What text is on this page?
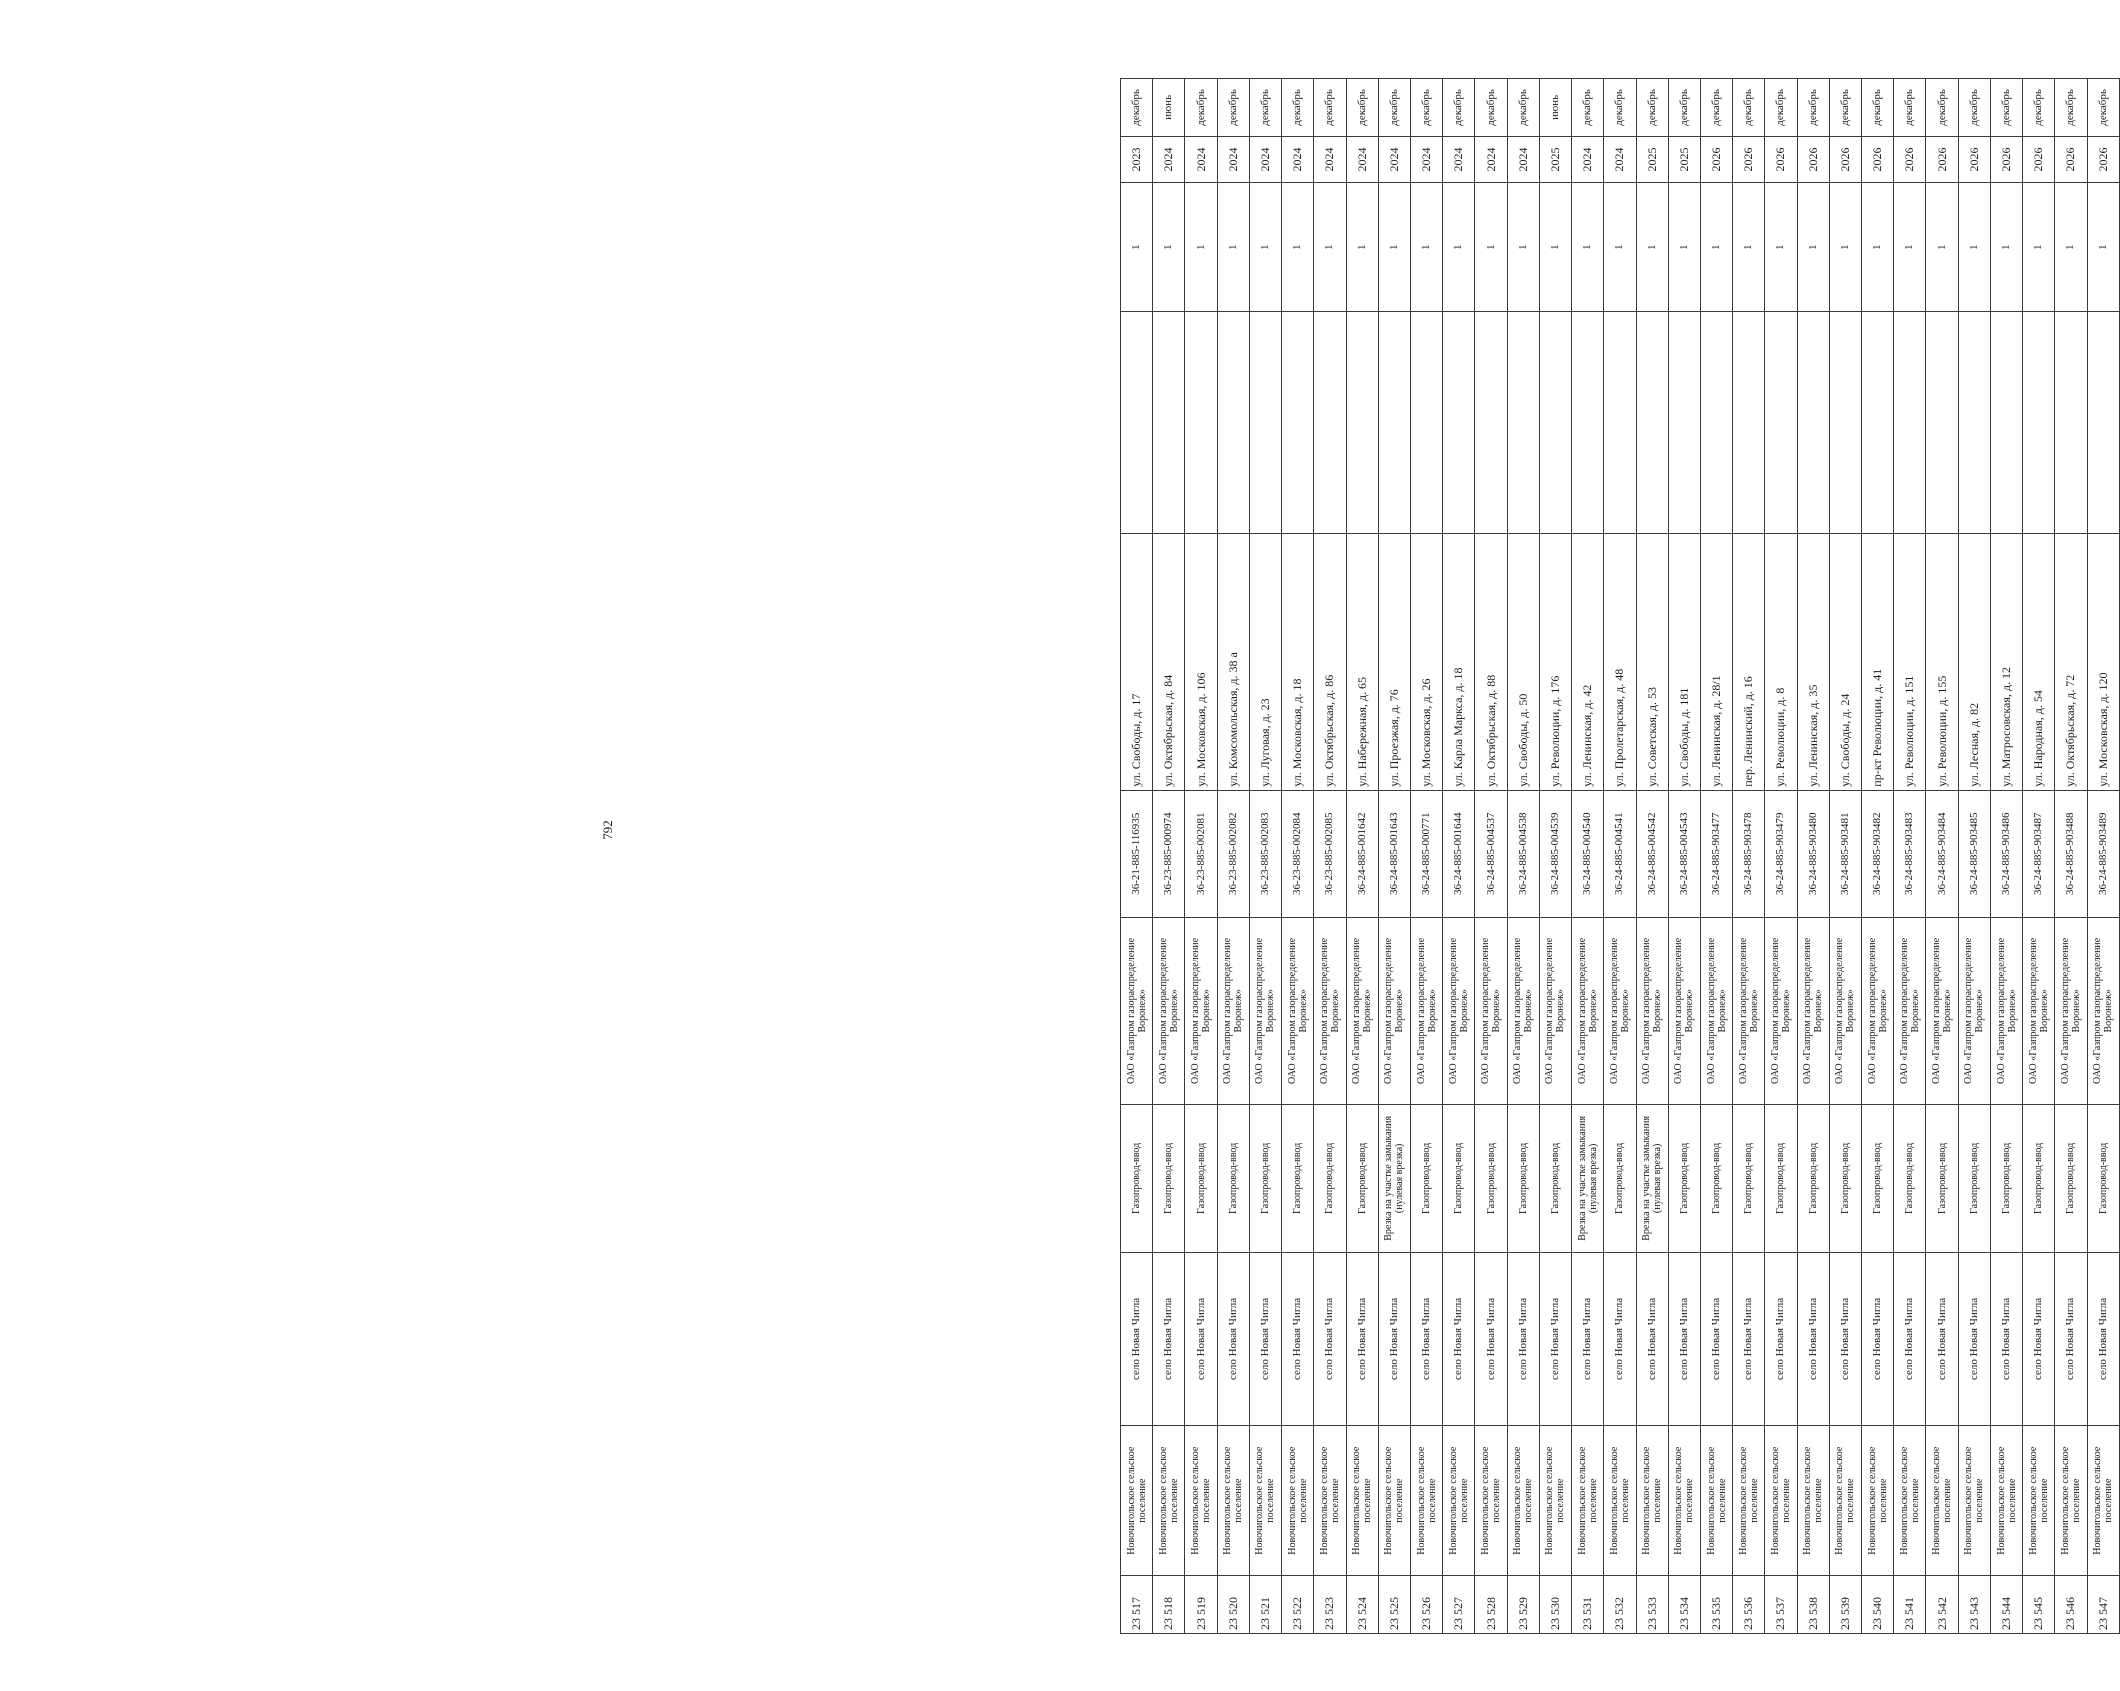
23 517	Новочигольское сельское поселение	село Новая Чигла	Газопровод-ввод	ОАО «Газпром газораспределение Воронеж»	36-21-885-116935	ул. Свободы, д. 17		1	2023	декабрь
23 518	Новочигольское сельское поселение	село Новая Чигла	Газопровод-ввод	ОАО «Газпром газораспределение Воронеж»	36-23-885-000974	ул. Октябрьская, д. 84		1	2024	июнь
23 519	Новочигольское сельское поселение	село Новая Чигла	Газопровод-ввод	ОАО «Газпром газораспределение Воронеж»	36-23-885-002081	ул. Московская, д. 106		1	2024	декабрь
23 520	Новочигольское сельское поселение	село Новая Чигла	Газопровод-ввод	ОАО «Газпром газораспределение Воронеж»	36-23-885-002082	ул. Комсомольская, д. 38 а		1	2024	декабрь
23 521	Новочигольское сельское поселение	село Новая Чигла	Газопровод-ввод	ОАО «Газпром газораспределение Воронеж»	36-23-885-002083	ул. Луговая, д. 23		1	2024	декабрь
23 522	Новочигольское сельское поселение	село Новая Чигла	Газопровод-ввод	ОАО «Газпром газораспределение Воронеж»	36-23-885-002084	ул. Московская, д. 18		1	2024	декабрь
23 523	Новочигольское сельское поселение	село Новая Чигла	Газопровод-ввод	ОАО «Газпром газораспределение Воронеж»	36-23-885-002085	ул. Октябрьская, д. 86		1	2024	декабрь
23 524	Новочигольское сельское поселение	село Новая Чигла	Газопровод-ввод	ОАО «Газпром газораспределение Воронеж»	36-24-885-001642	ул. Набережная, д. 65		1	2024	декабрь
23 525	Новочигольское сельское поселение	село Новая Чигла	Врезка на участке замыкания (нулевая врезка)	ОАО «Газпром газораспределение Воронеж»	36-24-885-001643	ул. Проезжая, д. 76		1	2024	декабрь
23 526	Новочигольское сельское поселение	село Новая Чигла	Газопровод-ввод	ОАО «Газпром газораспределение Воронеж»	36-24-885-000771	ул. Московская, д. 26		1	2024	декабрь
23 527	Новочигольское сельское поселение	село Новая Чигла	Газопровод-ввод	ОАО «Газпром газораспределение Воронеж»	36-24-885-001644	ул. Карла Маркса, д. 18		1	2024	декабрь
23 528	Новочигольское сельское поселение	село Новая Чигла	Газопровод-ввод	ОАО «Газпром газораспределение Воронеж»	36-24-885-004537	ул. Октябрьская, д. 88		1	2024	декабрь
23 529	Новочигольское сельское поселение	село Новая Чигла	Газопровод-ввод	ОАО «Газпром газораспределение Воронеж»	36-24-885-004538	ул. Свободы, д. 50		1	2024	декабрь
23 530	Новочигольское сельское поселение	село Новая Чигла	Газопровод-ввод	ОАО «Газпром газораспределение Воронеж»	36-24-885-004539	ул. Революции, д. 176		1	2025	июнь
23 531	Новочигольское сельское поселение	село Новая Чигла	Врезка на участке замыкания (нулевая врезка)	ОАО «Газпром газораспределение Воронеж»	36-24-885-004540	ул. Ленинская, д. 42		1	2024	декабрь
23 532	Новочигольское сельское поселение	село Новая Чигла	Газопровод-ввод	ОАО «Газпром газораспределение Воронеж»	36-24-885-004541	ул. Пролетарская, д. 48		1	2024	декабрь
23 533	Новочигольское сельское поселение	село Новая Чигла	Врезка на участке замыкания (нулевая врезка)	ОАО «Газпром газораспределение Воронеж»	36-24-885-004542	ул. Советская, д. 53		1	2025	декабрь
23 534	Новочигольское сельское поселение	село Новая Чигла	Газопровод-ввод	ОАО «Газпром газораспределение Воронеж»	36-24-885-004543	ул. Свободы, д. 181		1	2025	декабрь
23 535	Новочигольское сельское поселение	село Новая Чигла	Газопровод-ввод	ОАО «Газпром газораспределение Воронеж»	36-24-885-903477	ул. Ленинская, д. 28/1		1	2026	декабрь
23 536	Новочигольское сельское поселение	село Новая Чигла	Газопровод-ввод	ОАО «Газпром газораспределение Воронеж»	36-24-885-903478	пер. Ленинский, д. 16		1	2026	декабрь
23 537	Новочигольское сельское поселение	село Новая Чигла	Газопровод-ввод	ОАО «Газпром газораспределение Воронеж»	36-24-885-903479	ул. Революции, д. 8		1	2026	декабрь
23 538	Новочигольское сельское поселение	село Новая Чигла	Газопровод-ввод	ОАО «Газпром газораспределение Воронеж»	36-24-885-903480	ул. Ленинская, д. 35		1	2026	декабрь
23 539	Новочигольское сельское поселение	село Новая Чигла	Газопровод-ввод	ОАО «Газпром газораспределение Воронеж»	36-24-885-903481	ул. Свободы, д. 24		1	2026	декабрь
23 540	Новочигольское сельское поселение	село Новая Чигла	Газопровод-ввод	ОАО «Газпром газораспределение Воронеж»	36-24-885-903482	пр-кт Революции, д. 41		1	2026	декабрь
23 541	Новочигольское сельское поселение	село Новая Чигла	Газопровод-ввод	ОАО «Газпром газораспределение Воронеж»	36-24-885-903483	ул. Революции, д. 151		1	2026	декабрь
23 542	Новочигольское сельское поселение	село Новая Чигла	Газопровод-ввод	ОАО «Газпром газораспределение Воронеж»	36-24-885-903484	ул. Революции, д. 155		1	2026	декабрь
23 543	Новочигольское сельское поселение	село Новая Чигла	Газопровод-ввод	ОАО «Газпром газораспределение Воронеж»	36-24-885-903485	ул. Лесная, д. 82		1	2026	декабрь
23 544	Новочигольское сельское поселение	село Новая Чигла	Газопровод-ввод	ОАО «Газпром газораспределение Воронеж»	36-24-885-903486	ул. Матросовская, д. 12		1	2026	декабрь
23 545	Новочигольское сельское поселение	село Новая Чигла	Газопровод-ввод	ОАО «Газпром газораспределение Воронеж»	36-24-885-903487	ул. Народная, д. 54		1	2026	декабрь
23 546	Новочигольское сельское поселение	село Новая Чигла	Газопровод-ввод	ОАО «Газпром газораспределение Воронеж»	36-24-885-903488	ул. Октябрьская, д. 72		1	2026	декабрь
23 547	Новочигольское сельское поселение	село Новая Чигла	Газопровод-ввод	ОАО «Газпром газораспределение Воронеж»	36-24-885-903489	ул. Московская, д. 120		1	2026	декабрь
792
